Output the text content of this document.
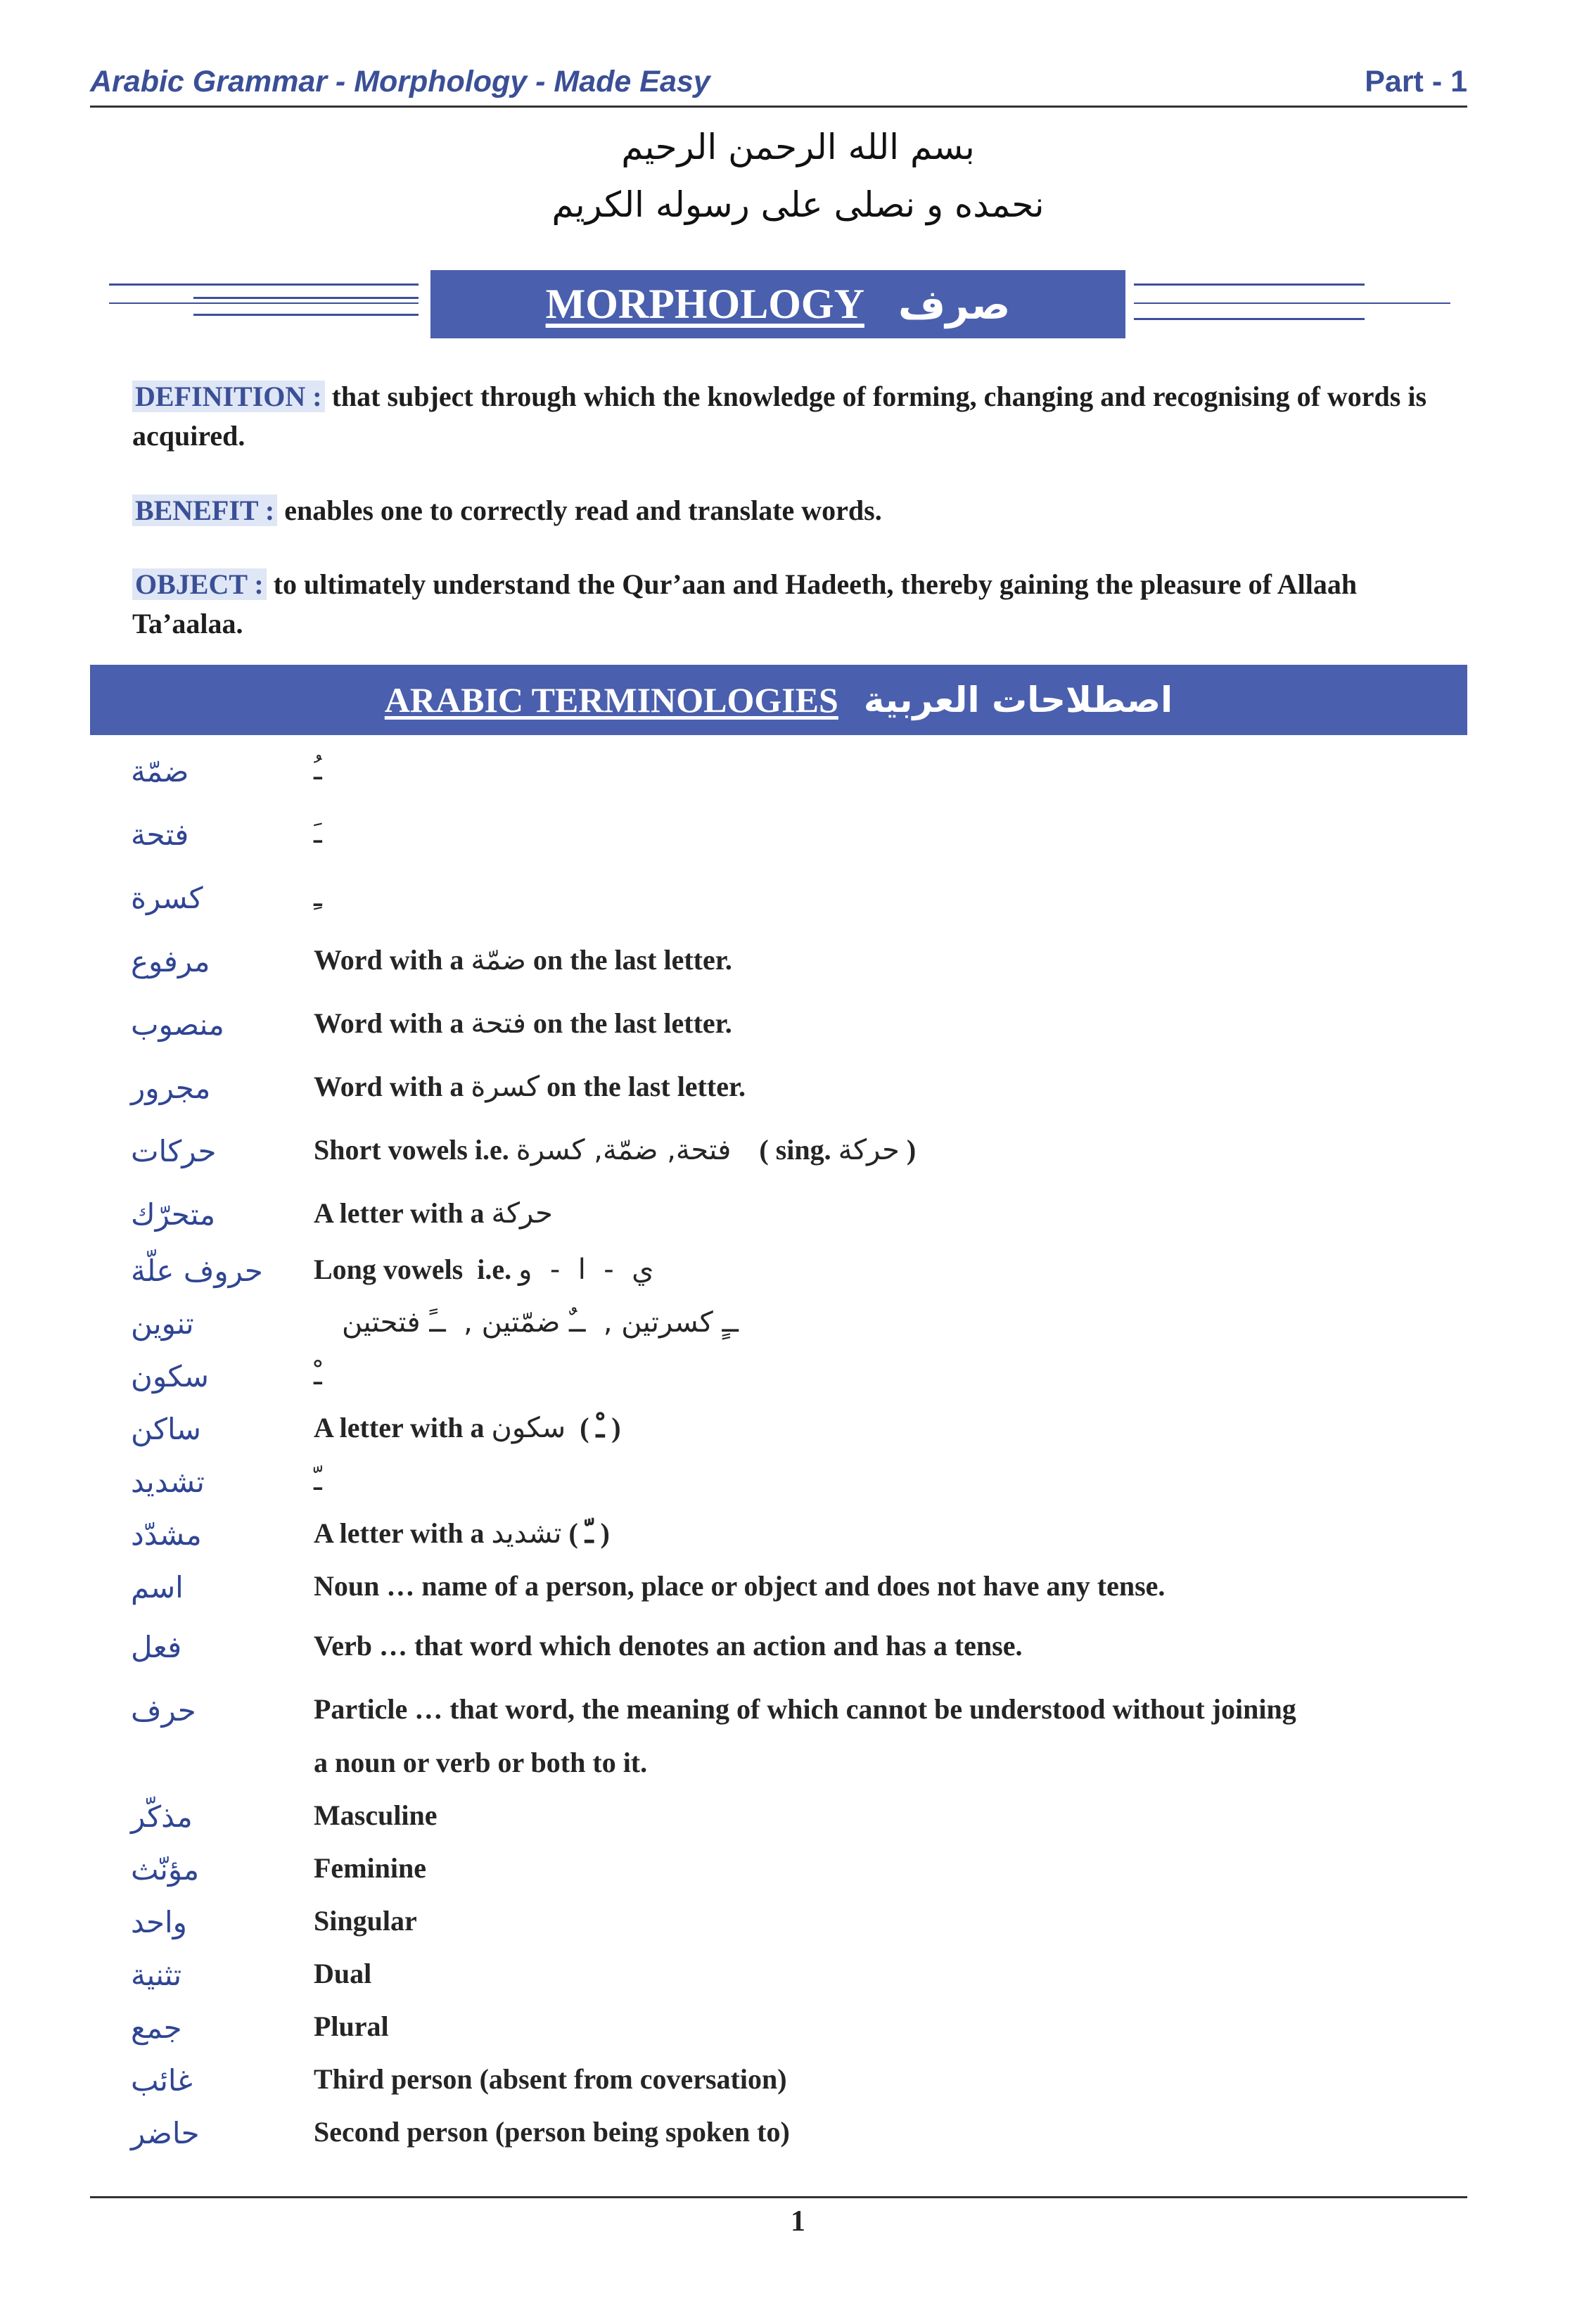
Arabic Grammar - Morphology - Made Easy	Part - 1
بسم الله الرحمن الرحيم
نحمده و نصلى على رسوله الكريم
MORPHOLOGY صرف
DEFINITION : that subject through which the knowledge of forming, changing and recognising of words is acquired.
BENEFIT : enables one to correctly read and translate words.
OBJECT : to ultimately understand the Qur’aan and Hadeeth, thereby gaining the pleasure of Allaah Ta’aalaa.
ARABIC TERMINOLOGIES اصطلاحات العربية
ضمّة	ـُ
فتحة	ـَ
كسرة	ـِ
مرفوع	Word with a ضمّة on the last letter.
منصوب	Word with a فتحة on the last letter.
مجرور	Word with a كسرة on the last letter.
حركات	Short vowels i.e. فتحة, ضمّة, كسرة    ( sing. حركة )
متحرّك	A letter with a حركة
حروف علّة	Long vowels  i.e. ي  -  ا  -  و
تنوين	ــٍ كسرتين ,  ــٌ ضمّتين ,  ــً فتحتين
سكون	ـْ
ساكن	A letter with a سكون  ( ـْ )
تشديد	ـّ
مشدّد	A letter with a تشديد ( ـّ )
اسم	Noun … name of a person, place or object and does not have any tense.
فعل	Verb … that word which denotes an action and has a tense.
حرف	Particle … that word, the meaning of which cannot be understood without joining
a noun or verb or both to it.
مذكّر	Masculine
مؤنّث	Feminine
واحد	Singular
تثنية	Dual
جمع	Plural
غائب	Third person (absent from coversation)
حاضر	Second person (person being spoken to)
1
